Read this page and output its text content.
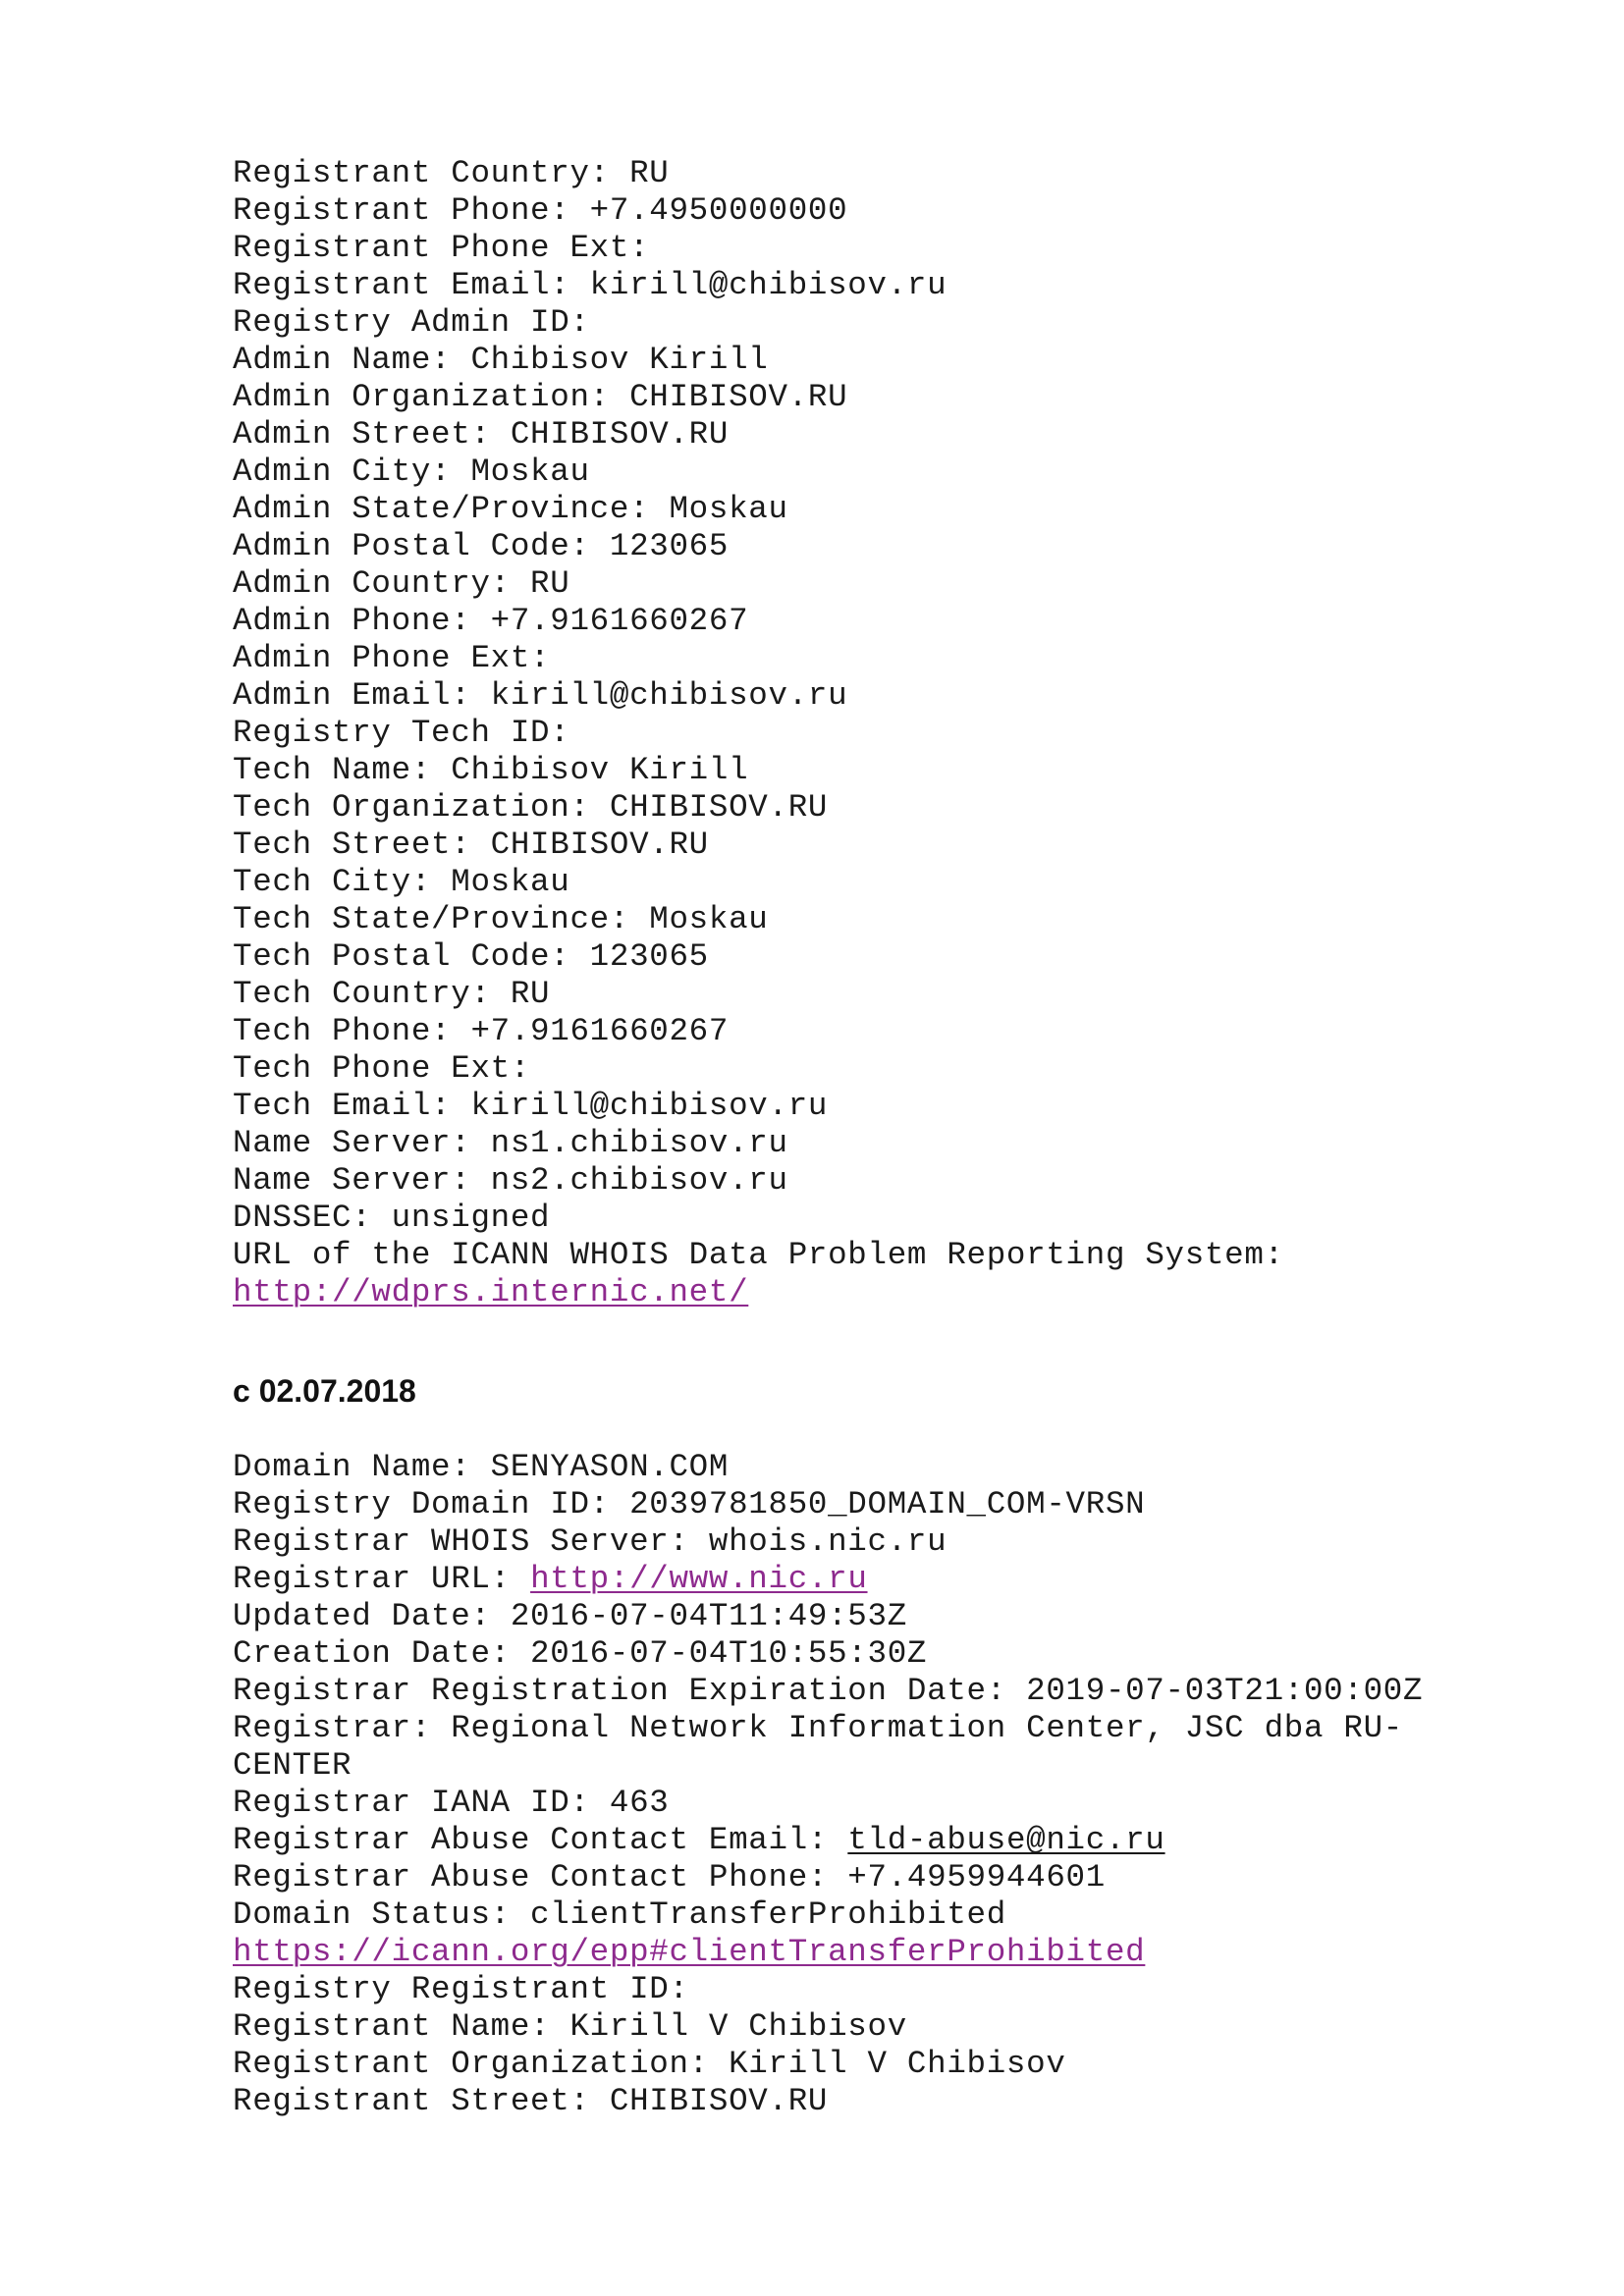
Registrant Country: RU
Registrant Phone: +7.4950000000
Registrant Phone Ext:
Registrant Email: kirill@chibisov.ru
Registry Admin ID:
Admin Name: Chibisov Kirill
Admin Organization: CHIBISOV.RU
Admin Street: CHIBISOV.RU
Admin City: Moskau
Admin State/Province: Moskau
Admin Postal Code: 123065
Admin Country: RU
Admin Phone: +7.9161660267
Admin Phone Ext:
Admin Email: kirill@chibisov.ru
Registry Tech ID:
Tech Name: Chibisov Kirill
Tech Organization: CHIBISOV.RU
Tech Street: CHIBISOV.RU
Tech City: Moskau
Tech State/Province: Moskau
Tech Postal Code: 123065
Tech Country: RU
Tech Phone: +7.9161660267
Tech Phone Ext:
Tech Email: kirill@chibisov.ru
Name Server: ns1.chibisov.ru
Name Server: ns2.chibisov.ru
DNSSEC: unsigned
URL of the ICANN WHOIS Data Problem Reporting System:
http://wdprs.internic.net/
с 02.07.2018
Domain Name: SENYASON.COM
Registry Domain ID: 2039781850_DOMAIN_COM-VRSN
Registrar WHOIS Server: whois.nic.ru
Registrar URL: http://www.nic.ru
Updated Date: 2016-07-04T11:49:53Z
Creation Date: 2016-07-04T10:55:30Z
Registrar Registration Expiration Date: 2019-07-03T21:00:00Z
Registrar: Regional Network Information Center, JSC dba RU-CENTER
Registrar IANA ID: 463
Registrar Abuse Contact Email: tld-abuse@nic.ru
Registrar Abuse Contact Phone: +7.4959944601
Domain Status: clientTransferProhibited
https://icann.org/epp#clientTransferProhibited
Registry Registrant ID:
Registrant Name: Kirill V Chibisov
Registrant Organization: Kirill V Chibisov
Registrant Street: CHIBISOV.RU
